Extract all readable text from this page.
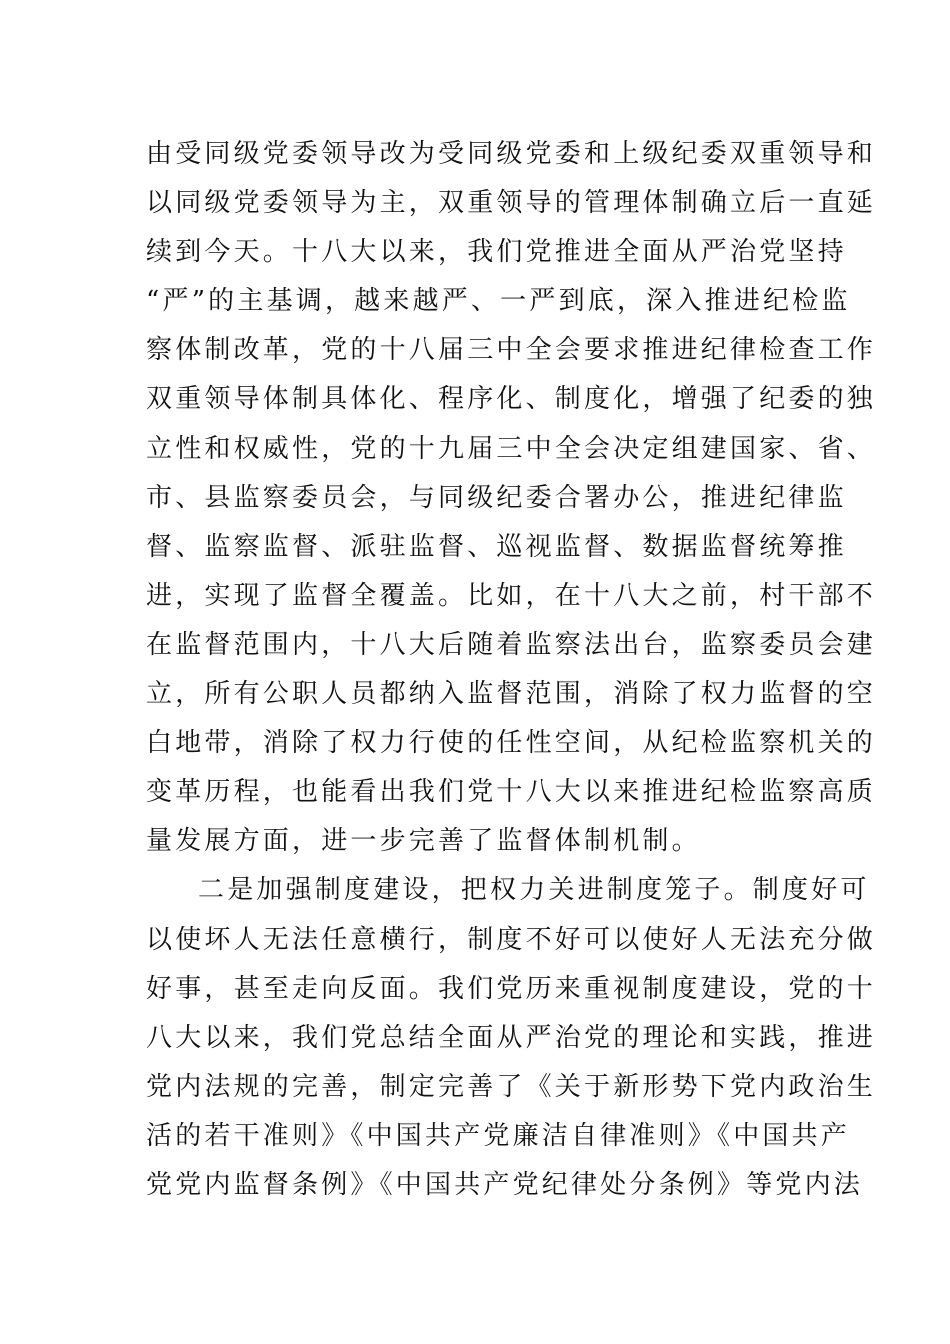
由受同级党委领导改为受同级党委和上级纪委双重领导和
以同级党委领导为主，双重领导的管理体制确立后一直延
续到今天。十八大以来，我们党推进全面从严治党坚持
“严”的主基调，越来越严、一严到底，深入推进纪检监
察体制改革，党的十八届三中全会要求推进纪律检查工作
双重领导体制具体化、程序化、制度化，增强了纪委的独
立性和权威性，党的十九届三中全会决定组建国家、省、
市、县监察委员会，与同级纪委合署办公，推进纪律监
督、监察监督、派驻监督、巡视监督、数据监督统筹推
进，实现了监督全覆盖。比如，在十八大之前，村干部不
在监督范围内，十八大后随着监察法出台，监察委员会建
立，所有公职人员都纳入监督范围，消除了权力监督的空
白地带，消除了权力行使的任性空间，从纪检监察机关的
变革历程，也能看出我们党十八大以来推进纪检监察高质
量发展方面，进一步完善了监督体制机制。
二是加强制度建设，把权力关进制度笼子。制度好可
以使坏人无法任意横行，制度不好可以使好人无法充分做
好事，甚至走向反面。我们党历来重视制度建设，党的十
八大以来，我们党总结全面从严治党的理论和实践，推进
党内法规的完善，制定完善了《关于新形势下党内政治生
活的若干准则》《中国共产党廉洁自律准则》《中国共产
党党内监督条例》《中国共产党纪律处分条例》等党内法
